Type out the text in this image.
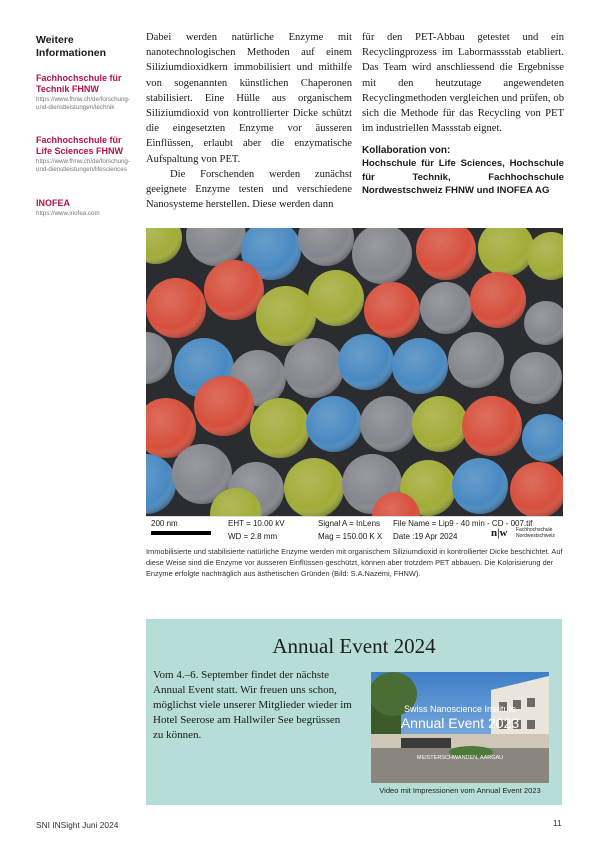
Weitere Informationen
Fachhochschule für Technik FHNW
https://www.fhnw.ch/de/forschung-und-dienstleistungen/technik
Fachhochschule für Life Sciences FHNW
https://www.fhnw.ch/de/forschung-und-dienstleistungen/lifesciences
INOFEA
https://www.inofea.com

Dabei werden natürliche Enzyme mit nanotechnologischen Methoden auf einem Siliziumdioxidkern immobilisiert und mithilfe von sogenannten künstlichen Chaperonen stabilisiert. Eine Hülle aus organischem Siliziumdioxid von kontrollierter Dicke schützt die eingesetzten Enzyme vor äusseren Einflüssen, erlaubt aber die enzymatische Aufspaltung von PET.

Die Forschenden werden zunächst geeignete Enzyme testen und verschiedene Nanosysteme herstellen. Diese werden dann

für den PET-Abbau getestet und ein Recyclingprozess im Labormassstab etabliert. Das Team wird anschliessend die Ergebnisse mit den heutzutage angewendeten Recyclingmethoden vergleichen und prüfen, ob sich die Methode für das Recycling von PET im industriellen Massstab eignet.

Kollaboration von:
Hochschule für Life Sciences, Hochschule für Technik, Fachhochschule Nordwestschweiz FHNW und INOFEA AG
200 nm	EHT = 10.00 kV
WD = 2.8 mm
Signal A = InLens
Mag = 150.00 K X
File Name = Lip9 - 40 min - CD - 007.tif
Date :19 Apr 2024	n|w Fachhochschule Nordwestschweiz
Immobilisierte und stabilisierte natürliche Enzyme werden mit organischem Siliziumdioxid in kontrollierter Dicke beschichtet. Auf diese Weise sind die Enzyme vor äusseren Einflüssen geschützt, können aber trotzdem PET abbauen. Die Kolorisierung der Enzyme erfolgte nachträglich aus ästhetischen Gründen (Bild: S.A.Nazemi, FHNW).
Annual Event 2024
Vom 4.–6. September findet der nächste Annual Event statt. Wir freuen uns schon, möglichst viele unserer Mitglieder wieder im Hotel Seerose am Hallwiler See begrüssen zu können.
Swiss Nanoscience Institute
Annual Event 2023
MEISTERSCHWANDEN, AARGAU
Video mit Impressionen vom Annual Event 2023
SNI INSight Juni 2024	11
